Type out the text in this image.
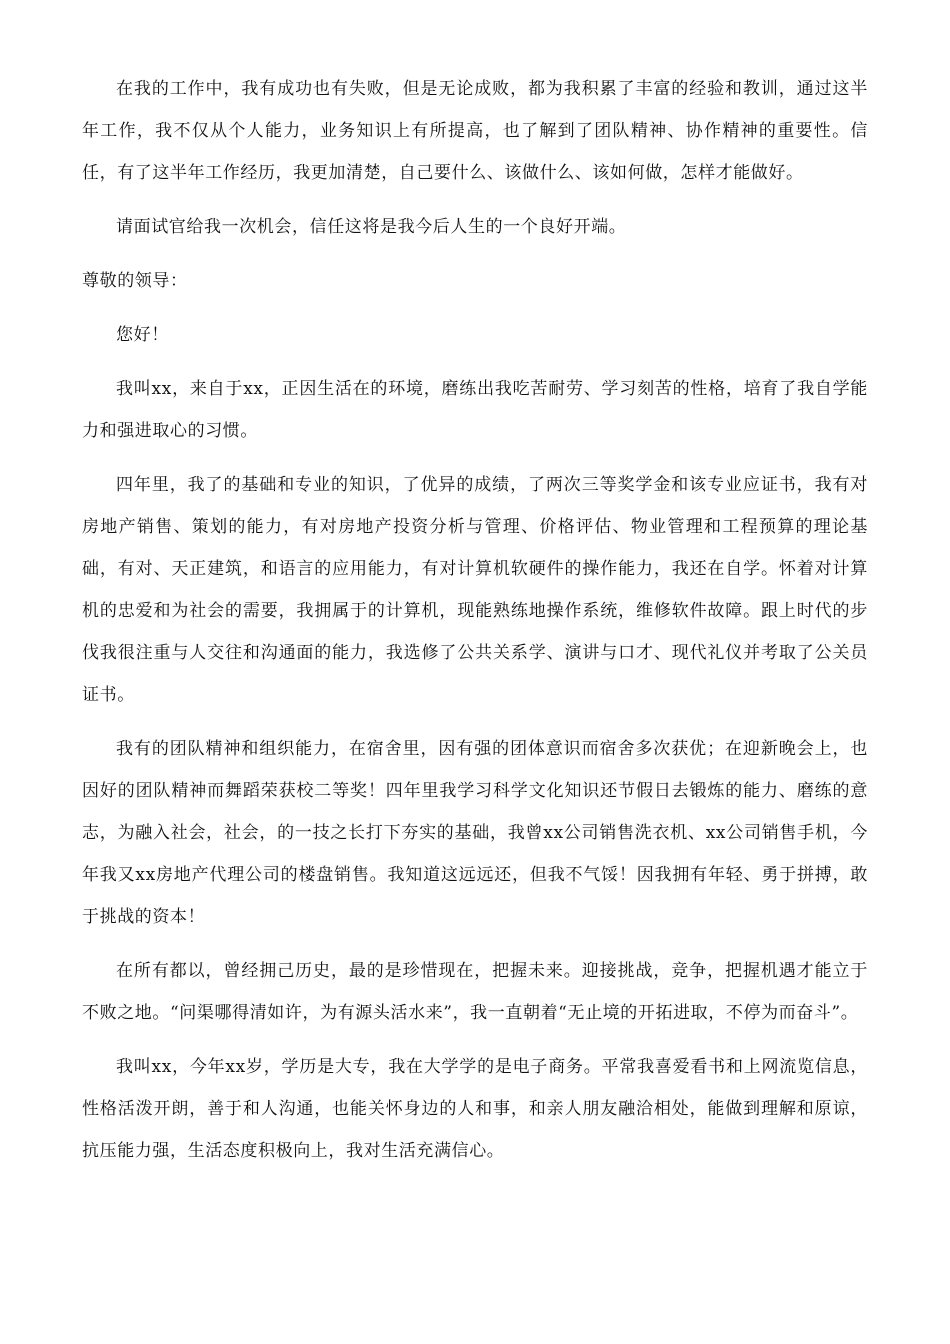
在我的工作中，我有成功也有失败，但是无论成败，都为我积累了丰富的经验和教训，通过这半年工作，我不仅从个人能力，业务知识上有所提高，也了解到了团队精神、协作精神的重要性。信任，有了这半年工作经历，我更加清楚，自己要什么、该做什么、该如何做，怎样才能做好。

请面试官给我一次机会，信任这将是我今后人生的一个良好开端。

尊敬的领导：

您好！

我叫xx，来自于xx，正因生活在的环境，磨练出我吃苦耐劳、学习刻苦的性格，培育了我自学能力和强进取心的习惯。

四年里，我了的基础和专业的知识，了优异的成绩，了两次三等奖学金和该专业应证书，我有对房地产销售、策划的能力，有对房地产投资分析与管理、价格评估、物业管理和工程预算的理论基础，有对、天正建筑，和语言的应用能力，有对计算机软硬件的操作能力，我还在自学。怀着对计算机的忠爱和为社会的需要，我拥属于的计算机，现能熟练地操作系统，维修软件故障。跟上时代的步伐我很注重与人交往和沟通面的能力，我选修了公共关系学、演讲与口才、现代礼仪并考取了公关员证书。

我有的团队精神和组织能力，在宿舍里，因有强的团体意识而宿舍多次获优；在迎新晚会上，也因好的团队精神而舞蹈荣获校二等奖！四年里我学习科学文化知识还节假日去锻炼的能力、磨练的意志，为融入社会，社会，的一技之长打下夯实的基础，我曾xx公司销售洗衣机、xx公司销售手机，今年我又xx房地产代理公司的楼盘销售。我知道这远远还，但我不气馁！因我拥有年轻、勇于拼搏，敢于挑战的资本！

在所有都以，曾经拥己历史，最的是珍惜现在，把握未来。迎接挑战，竞争，把握机遇才能立于不败之地。“问渠哪得清如许，为有源头活水来”，我一直朝着“无止境的开拓进取，不停为而奋斗”。

我叫xx，今年xx岁，学历是大专，我在大学学的是电子商务。平常我喜爱看书和上网流览信息，性格活泼开朗，善于和人沟通，也能关怀身边的人和事，和亲人朋友融洽相处，能做到理解和原谅，抗压能力强，生活态度积极向上，我对生活充满信心。
